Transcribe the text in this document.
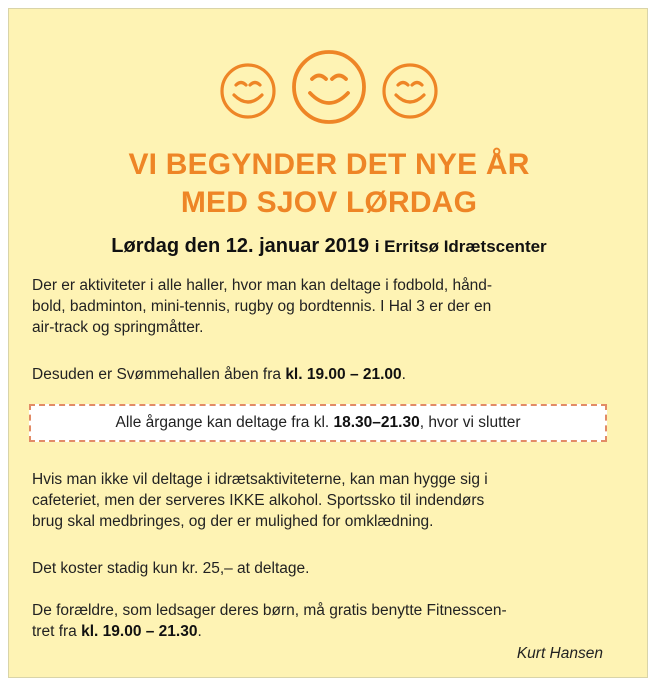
VI BEGYNDER DET NYE ÅR
MED SJOV LØRDAG
Lørdag den 12. januar 2019 i Erritsø Idrætscenter
Der er aktiviteter i alle haller, hvor man kan deltage i fodbold, hånd-
bold, badminton, mini-tennis, rugby og bordtennis. I Hal 3 er der en
air-track og springmåtter.
Desuden er Svømmehallen åben fra kl. 19.00 – 21.00.
Alle årgange kan deltage fra kl. 18.30–21.30, hvor vi slutter
Hvis man ikke vil deltage i idrætsaktiviteterne, kan man hygge sig i
cafeteriet, men der serveres IKKE alkohol. Sportssko til indendørs
brug skal medbringes, og der er mulighed for omklædning.
Det koster stadig kun kr. 25,– at deltage.
De forældre, som ledsager deres børn, må gratis benytte Fitnesscen-
tret fra kl. 19.00 – 21.30.
Kurt Hansen
